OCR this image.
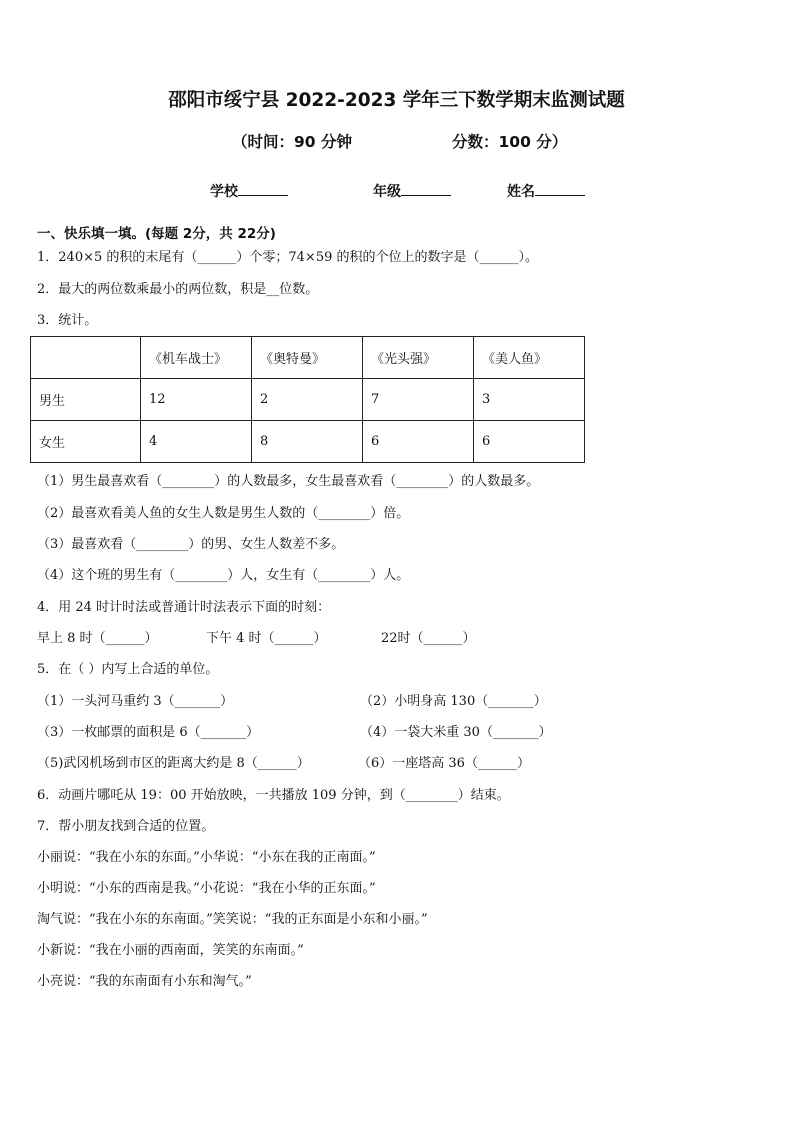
邵阳市绥宁县 2022-2023 学年三下数学期末监测试题
（时间：90 分钟	分数：100 分）
学校	年级	姓名
一、快乐填一填。(每题 2分，共 22分)
1．240×5 的积的末尾有（______）个零；74×59 的积的个位上的数字是（______）。
2．最大的两位数乘最小的两位数，积是__位数。
3．统计。
	《机车战士》	《奥特曼》	《光头强》	《美人鱼》
男生	12	2	7	3
女生	4	8	6	6
（1）男生最喜欢看（________）的人数最多，女生最喜欢看（________）的人数最多。
（2）最喜欢看美人鱼的女生人数是男生人数的（________）倍。
（3）最喜欢看（________）的男、女生人数差不多。
（4）这个班的男生有（________）人，女生有（________）人。
4．用 24 时计时法或普通计时法表示下面的时刻：
早上 8 时（______）	下午 4 时（______）	22时（______）
5．在（ ）内写上合适的单位。
（1）一头河马重约 3（_______）	（2）小明身高 130（_______）
（3）一枚邮票的面积是 6（_______）	（4）一袋大米重 30（_______）
（5)武冈机场到市区的距离大约是 8（______）	（6）一座塔高 36（______）
6．动画片哪吒从 19：00 开始放映，一共播放 109 分钟，到（________）结束。
7．帮小朋友找到合适的位置。
小丽说：“我在小东的东面。”小华说：“小东在我的正南面。”
小明说：“小东的西南是我。”小花说：“我在小华的正东面。”
淘气说：“我在小东的东南面。”笑笑说：“我的正东面是小东和小丽。”
小新说：“我在小丽的西南面，笑笑的东南面。”
小亮说：“我的东南面有小东和淘气。”
